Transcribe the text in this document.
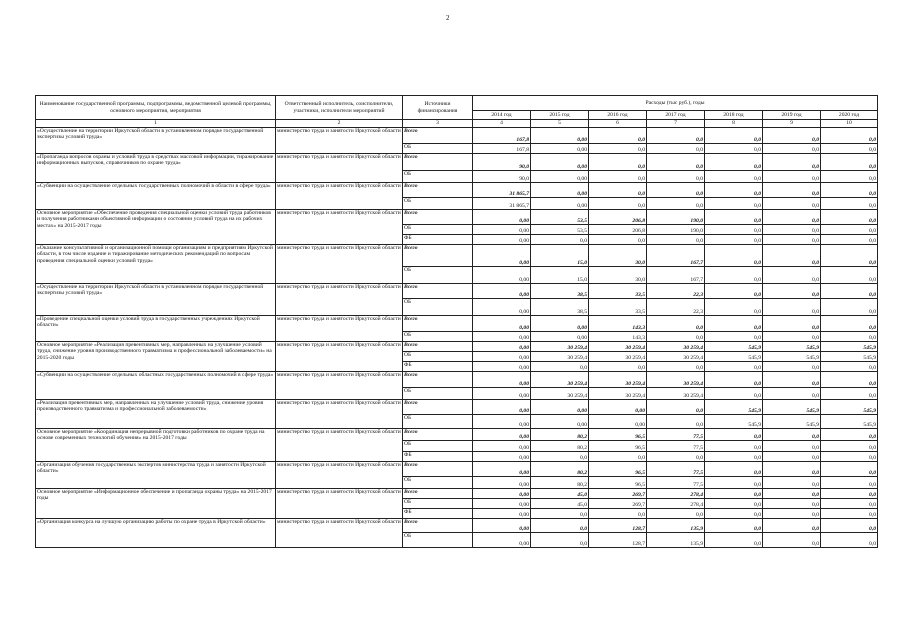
2
Наименование государственной программы, подпрограммы, ведомственной целевой программы, основного мероприятия, мероприятия	Ответственный исполнитель, соисполнители, участники, исполнители мероприятий	Источники финансирования	Расходы (тыс руб.), годы						
			2014 год	2015 год	2016 год	2017 год	2018 год	2019 год	2020 год
1	2	3	4	5	6	7	8	9	10
«Осуществление на территории Иркутской области в установленном порядке государственной экспертизы условий труда»	министерство труда и занятости Иркутской области	Всего	167,8	0,00	0,0	0,0	0,0	0,0	0,0
		ОБ	167,8	0,00	0,0	0,0	0,0	0,0	0,0
«Пропаганда вопросов охраны и условий труда в средствах массовой информации, тиражирование информационных выпусков, справочников по охране труда»	министерство труда и занятости Иркутской области	Всего	90,0	0,00	0,0	0,0	0,0	0,0	0,0
		ОБ	90,0	0,00	0,0	0,0	0,0	0,0	0,0
«Субвенции на осуществление отдельных государственных полномочий в области в сфере труда»	министерство труда и занятости Иркутской области	Всего	31 865,7	0,00	0,0	0,0	0,0	0,0	0,0
		ОБ	31 865,7	0,00	0,0	0,0	0,0	0,0	0,0
Основное мероприятие «Обеспечение проведения специальной оценки условий труда работников и получения работниками объективной информации о состоянии условий труда на их рабочих местах» на 2015-2017 годы	министерство труда и занятости Иркутской области	Всего	0,00	53,5	206,8	190,0	0,0	0,0	0,0
		ОБ	0,00	53,5	206,8	190,0	0,0	0,0	0,0
		ФБ	0,00	0,0	0,0	0,0	0,0	0,0	0,0
«Оказание консультативной и организационной помощи организациям и предприятиям Иркутской области, в том числе издание и тиражирование методических рекомендаций по вопросам проведения специальной оценки условий труда»	министерство труда и занятости Иркутской области	Всего	0,00	15,0	30,0	167,7	0,0	0,0	0,0
		ОБ	0,00	15,0	30,0	167,7	0,0	0,0	0,0
«Осуществление на территории Иркутской области в установленном порядке государственной экспертизы условий труда»	министерство труда и занятости Иркутской области	Всего	0,00	38,5	33,5	22,3	0,0	0,0	0,0
		ОБ	0,00	38,5	33,5	22,3	0,0	0,0	0,0
«Проведение специальной оценки условий труда в государственных учреждениях Иркутской области»	министерство труда и занятости Иркутской области	Всего	0,00	0,00	143,3	0,0	0,0	0,0	0,0
		ОБ	0,00	0,00	143,3	0,0	0,0	0,0	0,0
Основное мероприятие «Реализация превентивных мер, направленных на улучшение условий труда, снижение уровня производственного травматизма и профессиональной заболеваемости» на 2015-2020 годы	министерство труда и занятости Иркутской области	Всего	0,00	30 259,4	30 259,4	30 259,4	545,9	545,9	545,9
		ОБ	0,00	30 259,4	30 259,4	30 259,4	545,9	545,9	545,9
		ФБ	0,00	0,0	0,0	0,0	0,0	0,0	0,0
«Субвенции на осуществление отдельных областных государственных полномочий в сфере труда»	министерство труда и занятости Иркутской области	Всего	0,00	30 259,4	30 259,4	30 259,4	0,0	0,0	0,0
		ОБ	0,00	30 259,4	30 259,4	30 259,4	0,0	0,0	0,0
«Реализация превентивных мер, направленных на улучшение условий труда, снижение уровня производственного травматизма и профессиональной заболеваемости»	министерство труда и занятости Иркутской области	Всего	0,00	0,00	0,00	0,0	545,9	545,9	545,9
		ОБ	0,00	0,00	0,00	0,0	545,9	545,9	545,9
Основное мероприятие «Координация непрерывной подготовки работников по охране труда на основе современных технологий обучения» на 2015-2017 годы	министерство труда и занятости Иркутской области	Всего	0,00	80,2	96,5	77,5	0,0	0,0	0,0
		ОБ	0,00	80,2	96,5	77,5	0,0	0,0	0,0
		ФБ	0,00	0,0	0,0	0,0	0,0	0,0	0,0
«Организация обучения государственных экспертов министерства труда и занятости Иркутской области»	министерство труда и занятости Иркутской области	Всего	0,00	80,2	96,5	77,5	0,0	0,0	0,0
		ОБ	0,00	80,2	96,5	77,5	0,0	0,0	0,0
Основное мероприятие «Информационное обеспечение и пропаганда охраны труда» на 2015-2017 годы	министерство труда и занятости Иркутской области	Всего	0,00	45,0	269,7	278,4	0,0	0,0	0,0
		ОБ	0,00	45,0	269,7	278,4	0,0	0,0	0,0
		ФБ	0,00	0,0	0,0	0,0	0,0	0,0	0,0
«Организация конкурса на лучшую организацию работы по охране труда в Иркутской области»	министерство труда и занятости Иркутской области	Всего	0,00	0,0	128,7	135,9	0,0	0,0	0,0
		ОБ	0,00	0,0	128,7	135,9	0,0	0,0	0,0
